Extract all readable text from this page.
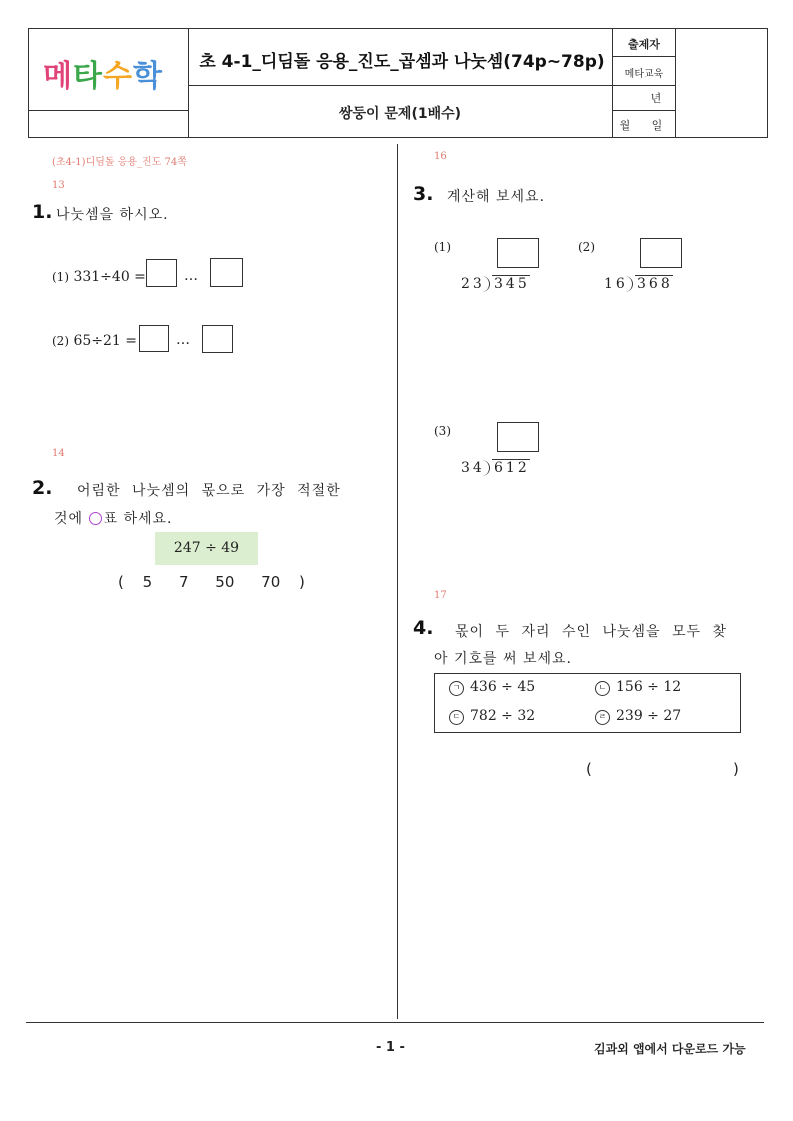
메타수학	초 4-1_디딤돌 응용_진도_곱셈과 나눗셈(74p~78p)
쌍둥이 문제(1배수)
출제자
메타교육
년
월	일
(초4-1)디딤돌 응용_진도 74쪽
13
1. 나눗셈을 하시오.
(1) 331÷40 =	…
(2) 65÷21 =	…
14
2. 어림한 나눗셈의 몫으로 가장 적절한
것에 ○ 표 하세요.
247 ÷ 49
( 5 7 50 70 )
16
3. 계산해 보세요.
(1)
23 345
(2)
16 368
(3)
34 612
17
4. 몫이 두 자리 수인 나눗셈을 모두 찾
아 기호를 써 보세요.
ㄱ 436 ÷ 45	ㄴ 156 ÷ 12
ㄷ 782 ÷ 32	ㄹ 239 ÷ 27
(	)
- 1 -	김과외 앱에서 다운로드 가능
